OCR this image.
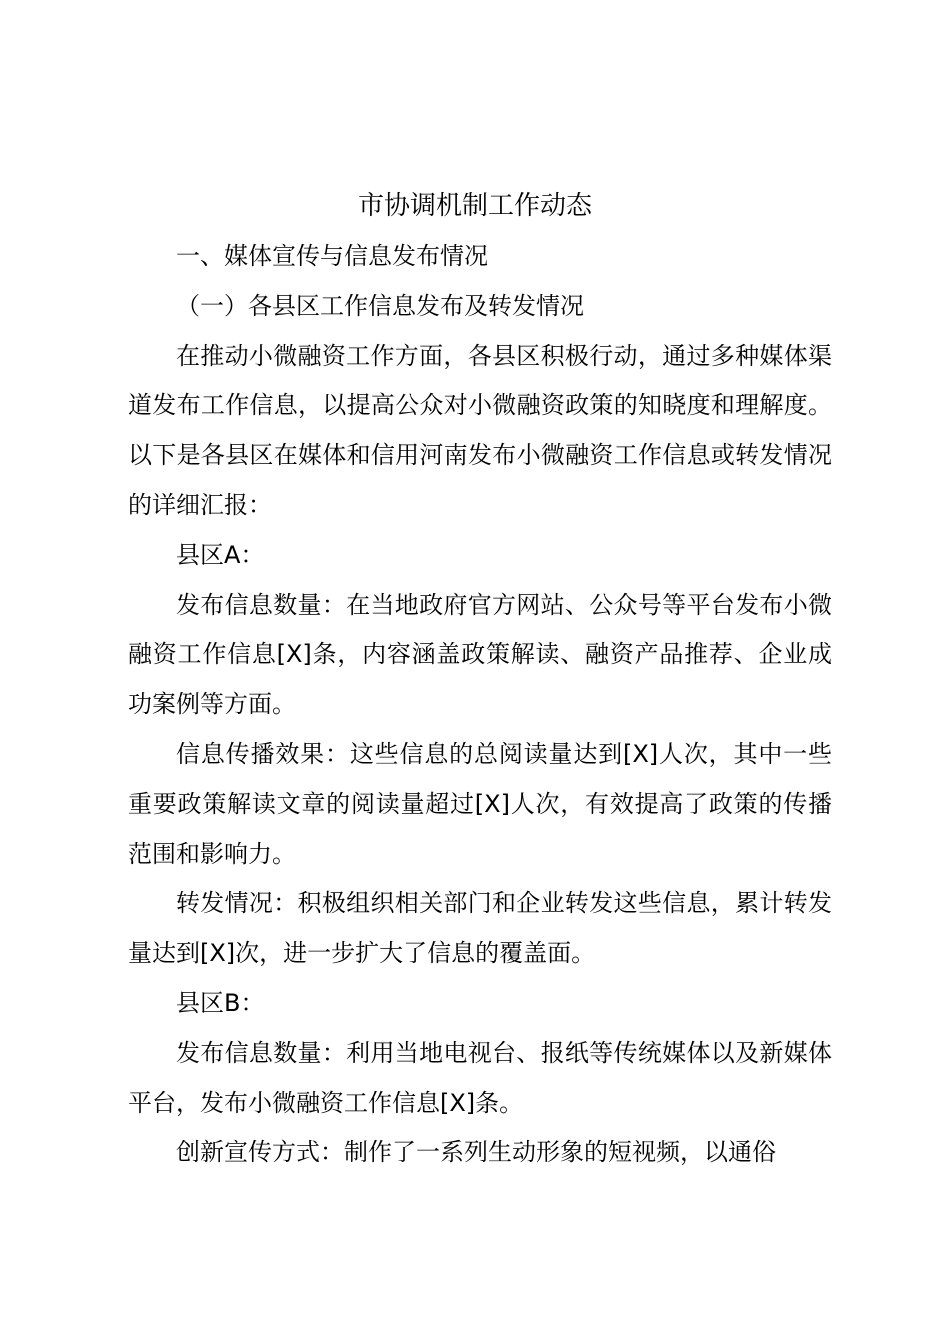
市协调机制工作动态

一、媒体宣传与信息发布情况

（一）各县区工作信息发布及转发情况

在推动小微融资工作方面，各县区积极行动，通过多种媒体渠道发布工作信息，以提高公众对小微融资政策的知晓度和理解度。以下是各县区在媒体和信用河南发布小微融资工作信息或转发情况的详细汇报：

县区A：

发布信息数量：在当地政府官方网站、公众号等平台发布小微融资工作信息[X]条，内容涵盖政策解读、融资产品推荐、企业成功案例等方面。

信息传播效果：这些信息的总阅读量达到[X]人次，其中一些重要政策解读文章的阅读量超过[X]人次，有效提高了政策的传播范围和影响力。

转发情况：积极组织相关部门和企业转发这些信息，累计转发量达到[X]次，进一步扩大了信息的覆盖面。

县区B：

发布信息数量：利用当地电视台、报纸等传统媒体以及新媒体平台，发布小微融资工作信息[X]条。

创新宣传方式：制作了一系列生动形象的短视频，以通俗
